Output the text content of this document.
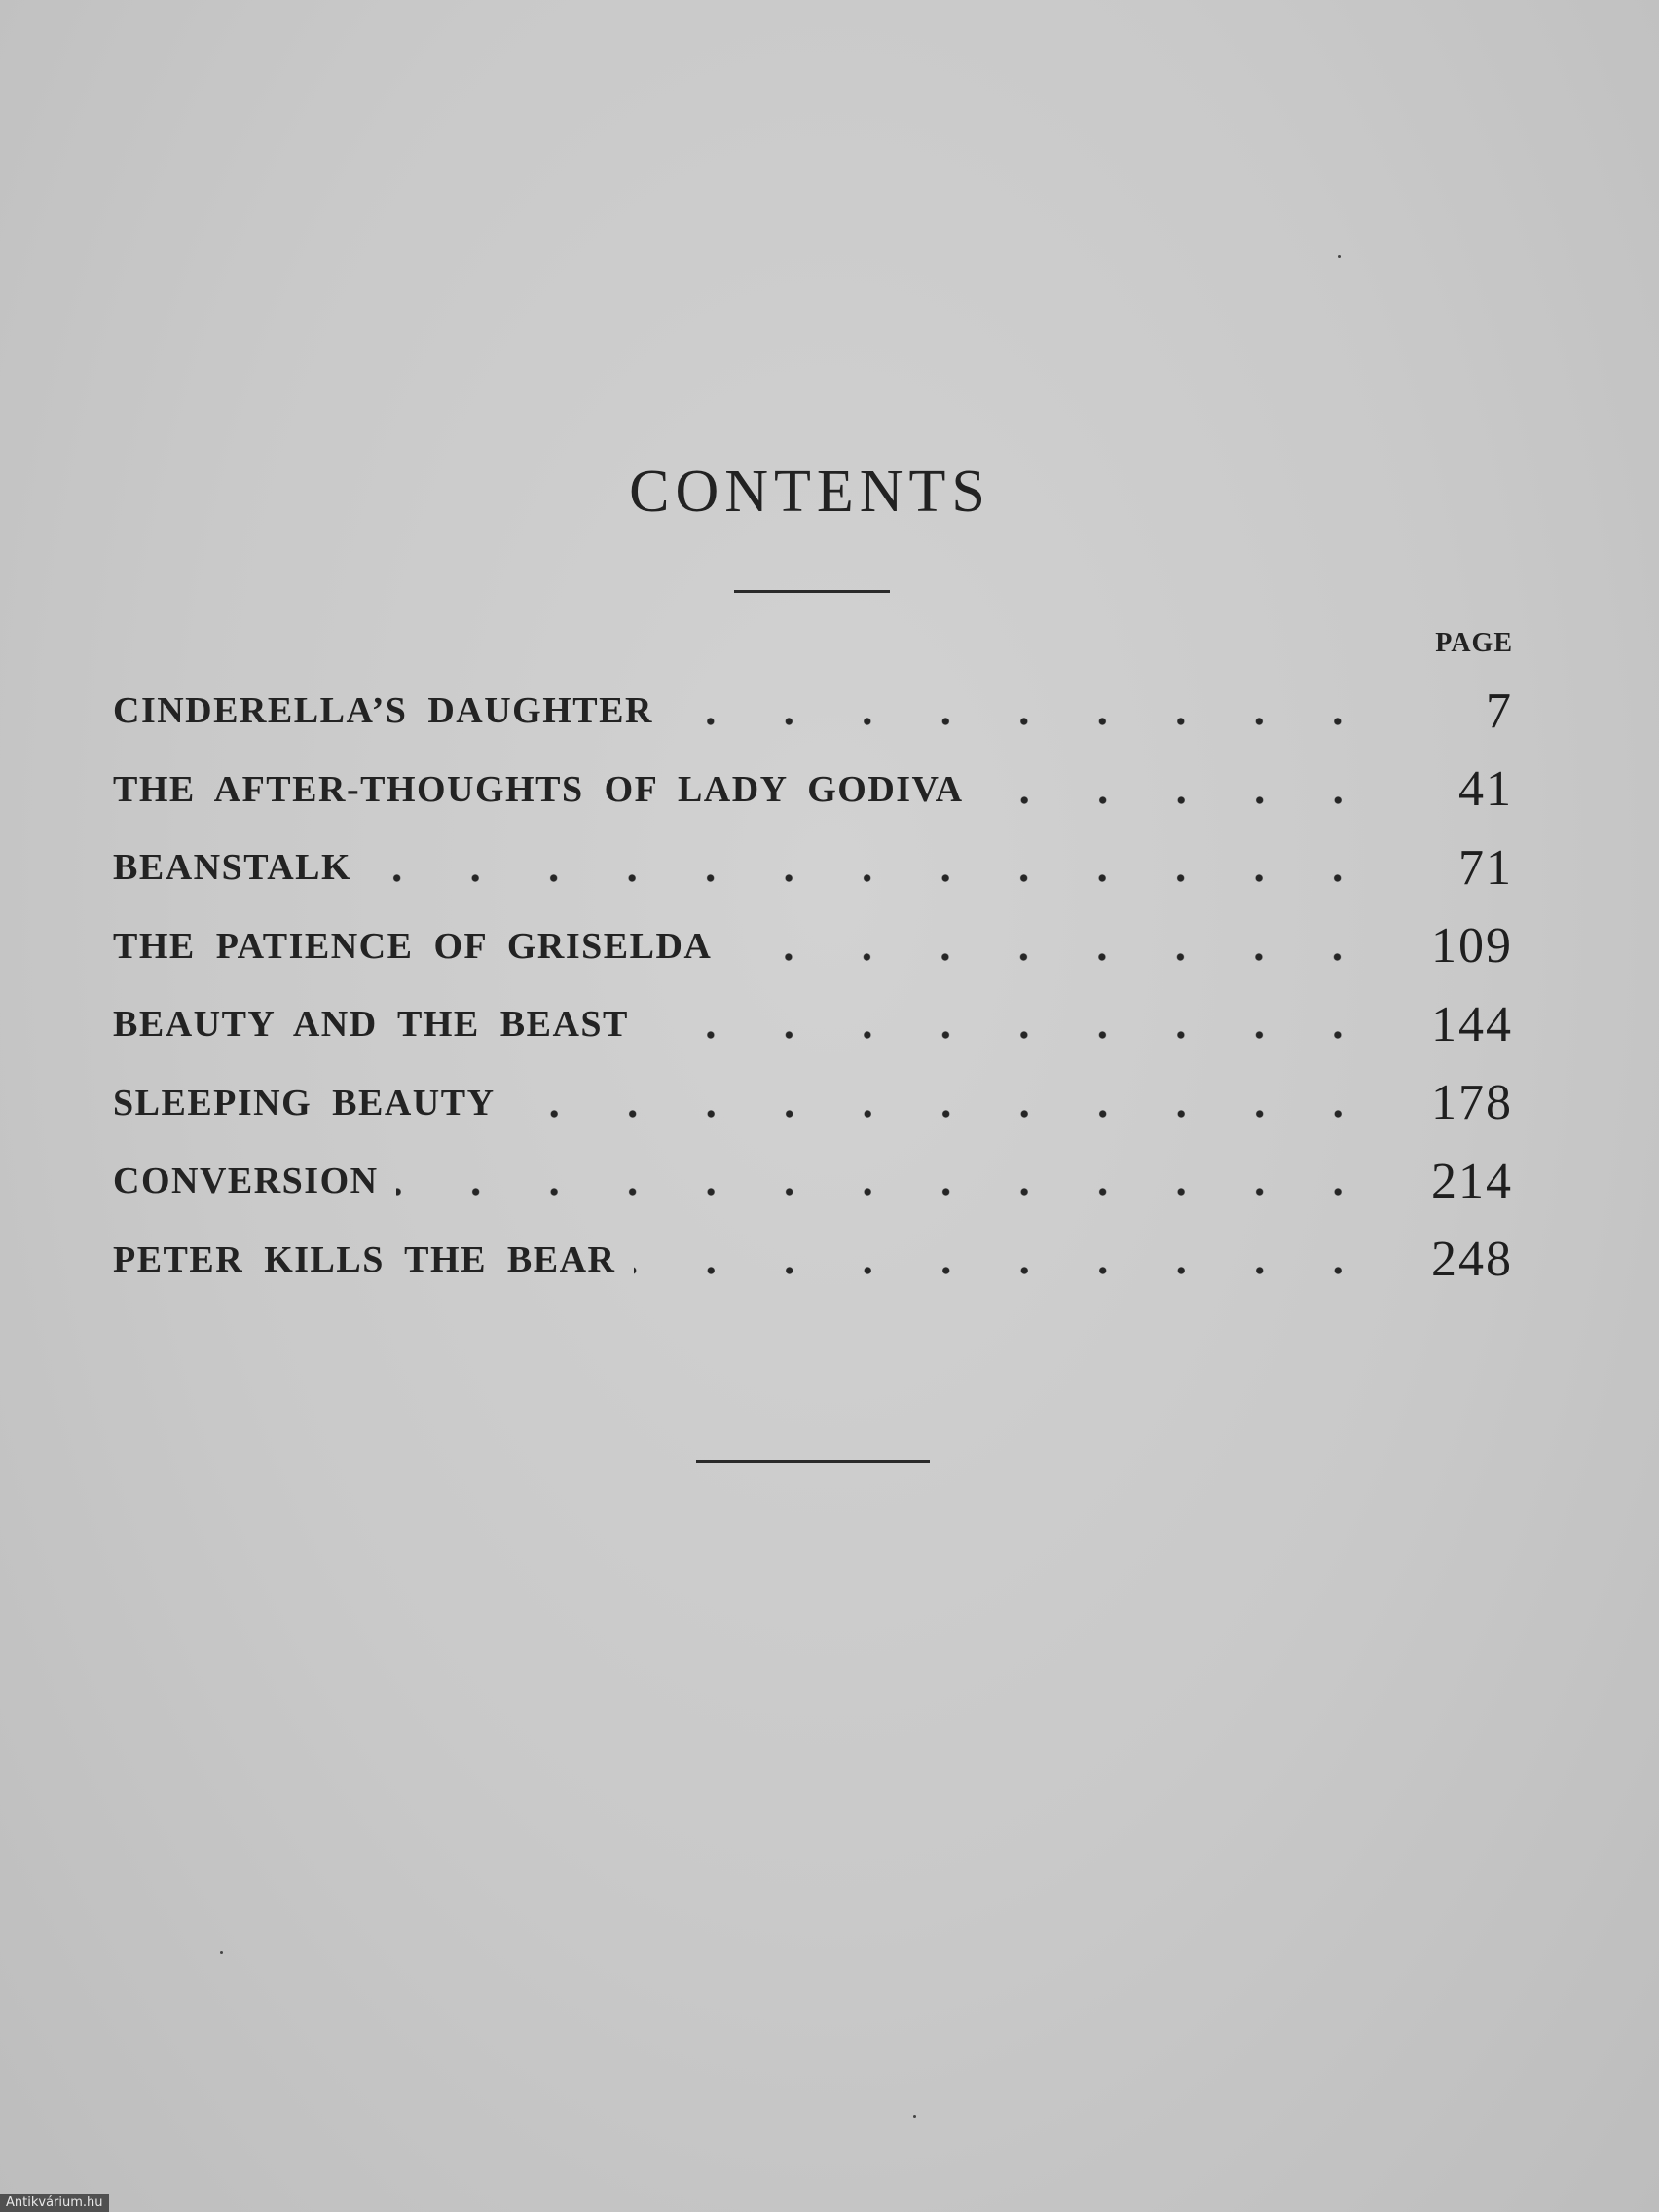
CONTENTS
PAGE
CINDERELLA’S DAUGHTER	7
THE AFTER-THOUGHTS OF LADY GODIVA	41
BEANSTALK	71
THE PATIENCE OF GRISELDA	109
BEAUTY AND THE BEAST	144
SLEEPING BEAUTY	178
CONVERSION	214
PETER KILLS THE BEAR	248
Antikvárium.hu
